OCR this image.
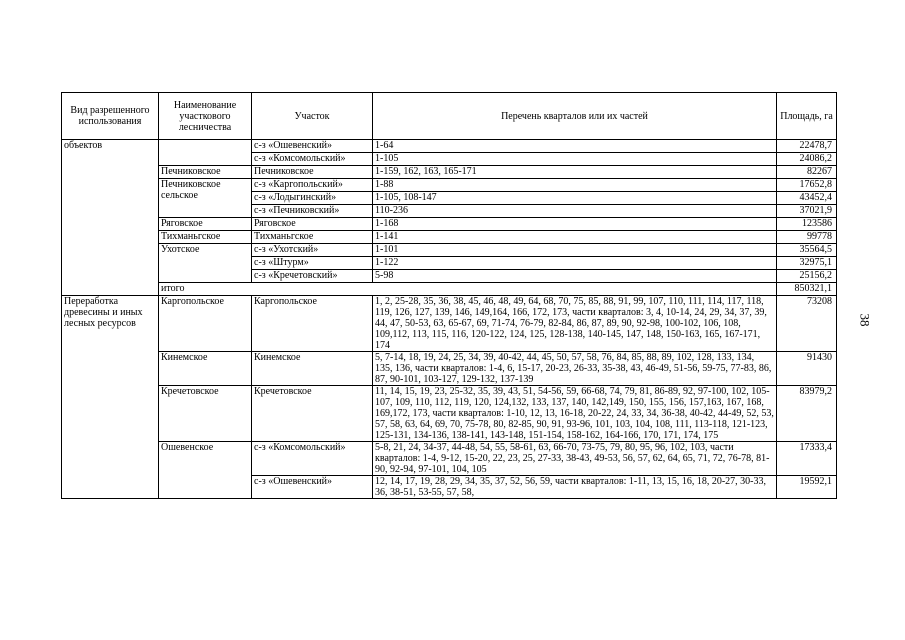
Вид разрешенного использования	Наименование участкового лесничества	Участок	Перечень кварталов или их частей	Площадь, га
объектов		с-з «Ошевенский»	1-64	22478,7
		с-з «Комсомольский»	1-105	24086,2
	Печниковское	Печниковское	1-159, 162, 163, 165-171	82267
	Печниковское сельское	с-з «Каргопольский»	1-88	17652,8
		с-з «Лодыгинский»	1-105, 108-147	43452,4
		с-з «Печниковский»	110-236	37021,9
	Ряговское	Ряговское	1-168	123586
	Тихманьгское	Тихманьгское	1-141	99778
	Ухотское	с-з «Ухотский»	1-101	35564,5
		с-з «Штурм»	1-122	32975,1
		с-з «Кречетовский»	5-98	25156,2
	итого			850321,1
Переработка древесины и иных лесных ресурсов	Каргопольское	Каргопольское	1, 2, 25-28, 35, 36, 38, 45, 46, 48, 49, 64, 68, 70, 75, 85, 88, 91, 99, 107, 110, 111, 114, 117, 118, 119, 126, 127, 139, 146, 149,164, 166, 172, 173, части кварталов: 3, 4, 10-14, 24, 29, 34, 37, 39, 44, 47, 50-53, 63, 65-67, 69, 71-74, 76-79, 82-84, 86, 87, 89, 90, 92-98, 100-102, 106, 108, 109,112, 113, 115, 116, 120-122, 124, 125, 128-138, 140-145, 147, 148, 150-163, 165, 167-171, 174	73208
	Кинемское	Кинемское	5, 7-14, 18, 19, 24, 25, 34, 39, 40-42, 44, 45, 50, 57, 58, 76, 84, 85, 88, 89, 102, 128, 133, 134, 135, 136, части кварталов: 1-4, 6, 15-17, 20-23, 26-33, 35-38, 43, 46-49, 51-56, 59-75, 77-83, 86, 87, 90-101, 103-127, 129-132, 137-139	91430
	Кречетовское	Кречетовское	11, 14, 15, 19, 23, 25-32, 35, 39, 43, 51, 54-56, 59, 66-68, 74, 79, 81, 86-89, 92, 97-100, 102, 105-107, 109, 110, 112, 119, 120, 124,132, 133, 137, 140, 142,149, 150, 155, 156, 157,163, 167, 168, 169,172, 173, части кварталов: 1-10, 12, 13, 16-18, 20-22, 24, 33, 34, 36-38, 40-42, 44-49, 52, 53, 57, 58, 63, 64, 69, 70, 75-78, 80, 82-85, 90, 91, 93-96, 101, 103, 104, 108, 111, 113-118, 121-123, 125-131, 134-136, 138-141, 143-148, 151-154, 158-162, 164-166, 170, 171, 174, 175	83979,2
	Ошевенское	с-з «Комсомольский»	5-8, 21, 24, 34-37, 44-48, 54, 55, 58-61, 63, 66-70, 73-75, 79, 80, 95, 96, 102, 103, части кварталов: 1-4, 9-12, 15-20, 22, 23, 25, 27-33, 38-43, 49-53, 56, 57, 62, 64, 65, 71, 72, 76-78, 81-90, 92-94, 97-101, 104, 105	17333,4
		с-з «Ошевенский»	12, 14, 17, 19, 28, 29, 34, 35, 37, 52, 56, 59, части кварталов: 1-11, 13, 15, 16, 18, 20-27, 30-33, 36, 38-51, 53-55, 57, 58,	19592,1
38
